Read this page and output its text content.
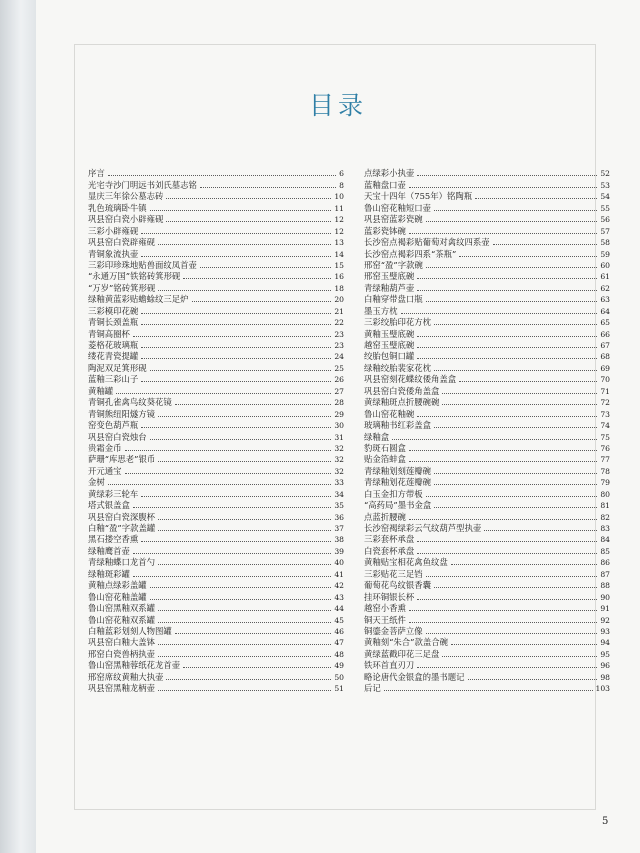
目录
序言	6
光宅寺沙门明远书刘氏墓志铭	8
显庆三年徐公墓志砖	10
乳色琉璃卧牛镇	11
巩县窑白瓷小辟雍砚	12
三彩小辟雍砚	12
巩县窑白瓷辟雍砚	13
青铜象流执壶	14
三彩印珍珠地贴兽面纹凤首壶	15
“永通万国”铁铭砖箕形砚	16
“万岁”铭砖箕形砚	18
绿釉黄蓝彩贴蟾蜍纹三足炉	20
三彩模印花碗	21
青铜长颈盖瓶	22
青铜高圈杯	23
菱格花玻璃瓶	23
缕花青瓷提罐	24
陶泥双足箕形砚	25
蓝釉三彩山子	26
黄釉罐	27
青铜孔雀禽鸟纹葵花镜	28
青铜熊纽阳燧方镜	29
窑变色葫芦瓶	30
巩县窑白瓷烛台	31
贵霜金币	32
萨珊“库思老”银币	32
开元通宝	32
金树	33
黄绿彩三轮车	34
塔式银盖盒	35
巩县窑白瓷深腹杯	36
白釉“盈”字款盖罐	37
黑石搂空香熏	38
绿釉鹰首壶	39
青绿釉蝶口龙首勺	40
绿釉斑彩罐	41
黄釉点绿彩盖罐	42
鲁山窑花釉盖罐	43
鲁山窑黑釉双系罐	44
鲁山窑花釉双系罐	45
白釉蓝彩划刻人物图罐	46
巩县窑白釉大盖钵	47
邢窑白瓷兽柄执壶	48
鲁山窑黑釉蓉纸花龙首壶	49
邢窑席纹黄釉大执壶	50
巩县窑黑釉龙柄壶	51
点绿彩小执壶	52
蓝釉盘口壶	53
天宝十四年（755年）铭陶瓶	54
鲁山窑花釉短口壶	55
巩县窑蓝彩瓷碗	56
蓝彩瓷钵碗	57
长沙窑点褐彩贴葡萄对禽纹四系壶	58
长沙窑点褐彩四系“茶瓶”	59
邢窑“盈”字款碗	60
邢窑玉璧底碗	61
青绿釉葫芦壶	62
白釉穿带盘口瓶	63
墨玉方枕	64
三彩绞胎印花方枕	65
黄釉玉璧底碗	66
越窑玉璧底碗	67
绞胎包铜口罐	68
绿釉绞胎裴家花枕	69
巩县窑刻花蝶纹倭角盖盒	70
巩县窑白瓷倭角盖盒	71
黄绿釉斑点折腰碗碗	72
鲁山窑花釉碗	73
玻璃釉书红彩盖盒	74
绿釉盒	75
豹斑石圆盒	76
贴金箔蚌盒	77
青绿釉划刻莲瓣碗	78
青绿釉划花莲瓣碗	79
白玉金扣方带板	80
“高药局”墨书金盒	81
点蓝折腰碗	82
长沙窑褐绿彩云气纹葫芦型执壶	83
三彩套杯承盘	84
白瓷套杯承盘	85
黄釉贴宝相花禽鱼纹盘	86
三彩贴花三足铛	87
葡萄花鸟纹银香囊	88
挂环铜银长杯	90
越窑小香熏	91
铜天王纸件	92
铜鎏金菩萨立像	93
黄釉刻“朱合”款盖合碗	94
黄绿蓝戳印花三足盘	95
铁环首直刃刀	96
略论唐代金银盒的墨书题记	98
后记	103
5
